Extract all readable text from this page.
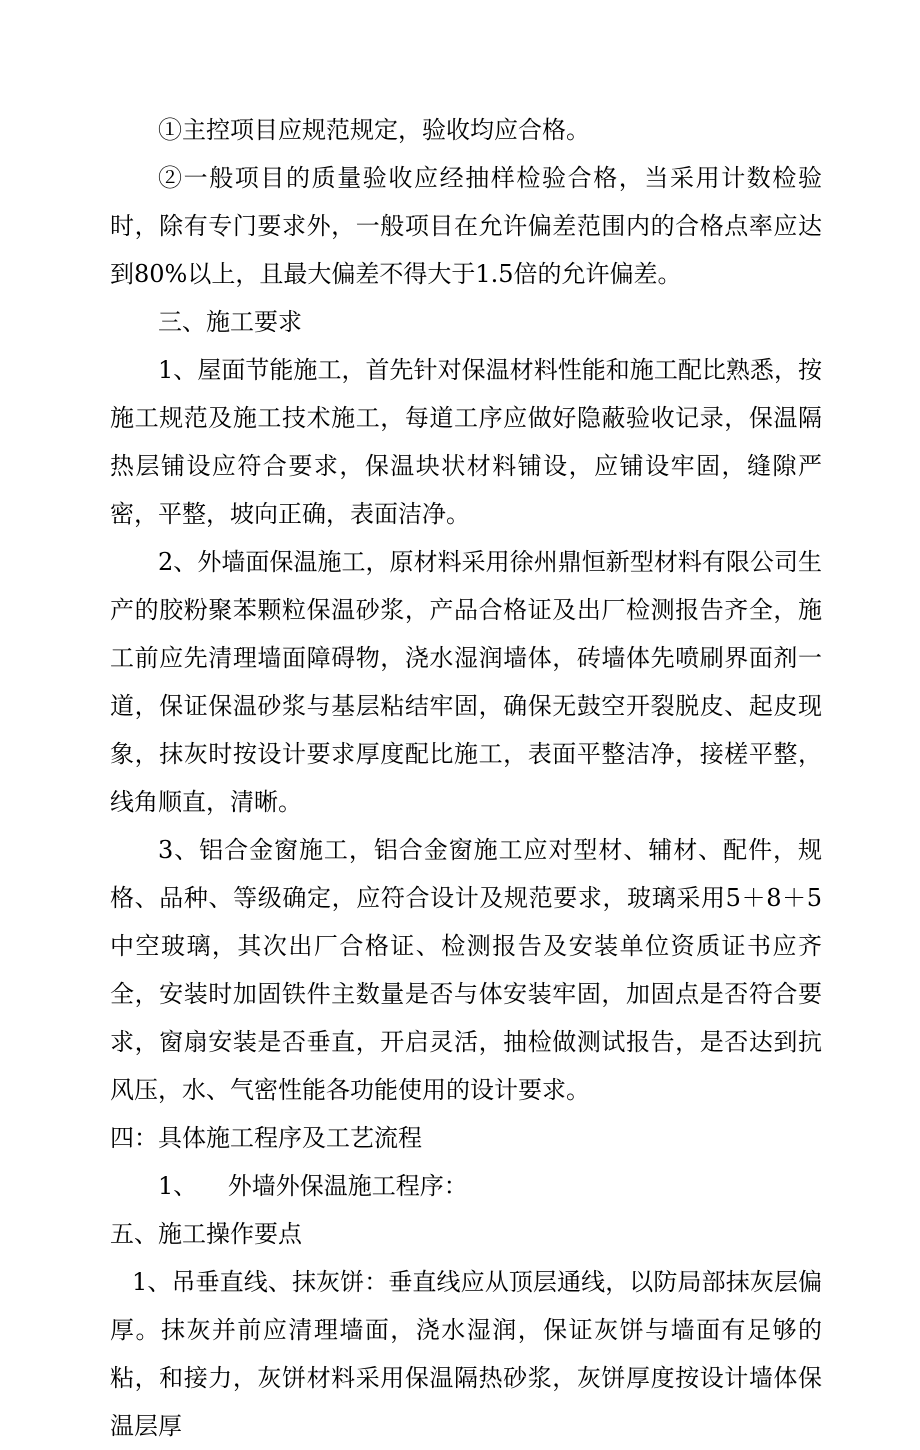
①主控项目应规范规定，验收均应合格。

②一般项目的质量验收应经抽样检验合格，当采用计数检验时，除有专门要求外，一般项目在允许偏差范围内的合格点率应达到80%以上，且最大偏差不得大于1.5倍的允许偏差。

三、施工要求

1、屋面节能施工，首先针对保温材料性能和施工配比熟悉，按施工规范及施工技术施工，每道工序应做好隐蔽验收记录，保温隔热层铺设应符合要求，保温块状材料铺设，应铺设牢固，缝隙严密，平整，坡向正确，表面洁净。

2、外墙面保温施工，原材料采用徐州鼎恒新型材料有限公司生产的胶粉聚苯颗粒保温砂浆，产品合格证及出厂检测报告齐全，施工前应先清理墙面障碍物，浇水湿润墙体，砖墙体先喷刷界面剂一道，保证保温砂浆与基层粘结牢固，确保无鼓空开裂脱皮、起皮现象，抹灰时按设计要求厚度配比施工，表面平整洁净，接槎平整，线角顺直，清晰。

3、铝合金窗施工，铝合金窗施工应对型材、辅材、配件，规格、品种、等级确定，应符合设计及规范要求，玻璃采用5＋8＋5中空玻璃，其次出厂合格证、检测报告及安装单位资质证书应齐全，安装时加固铁件主数量是否与体安装牢固，加固点是否符合要求，窗扇安装是否垂直，开启灵活，抽检做测试报告，是否达到抗风压，水、气密性能各功能使用的设计要求。

四：具体施工程序及工艺流程

1、    外墙外保温施工程序：

五、施工操作要点

1、吊垂直线、抹灰饼：垂直线应从顶层通线，以防局部抹灰层偏厚。抹灰并前应清理墙面，浇水湿润，保证灰饼与墙面有足够的粘，和接力，灰饼材料采用保温隔热砂浆，灰饼厚度按设计墙体保温层厚
